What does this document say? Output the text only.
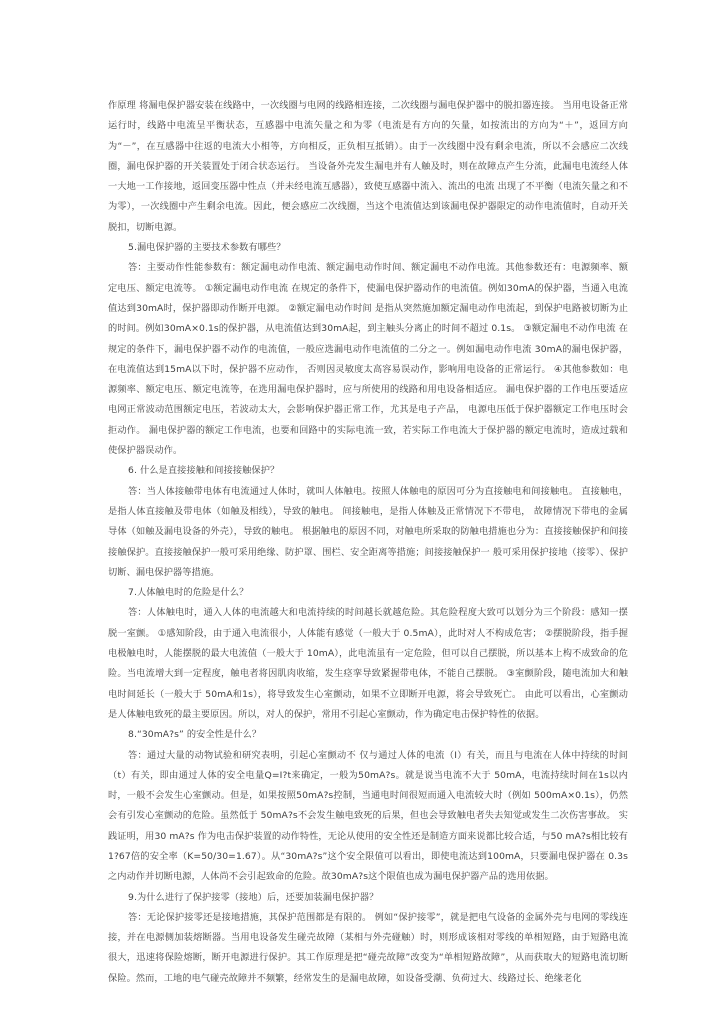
作原理 将漏电保护器安装在线路中，一次线圈与电网的线路相连接，二次线圈与漏电保护器中的脱扣器连接。 当用电设备正常运行时，线路中电流呈平衡状态，互感器中电流矢量之和为零（电流是有方向的矢量，如按流出的方向为“＋”，返回方向为“－”，在互感器中往返的电流大小相等，方向相反，正负相互抵销）。由于一次线圈中没有剩余电流，所以不会感应二次线圈，漏电保护器的开关装置处于闭合状态运行。 当设备外壳发生漏电并有人触及时，则在故障点产生分流，此漏电电流经人体一大地一工作接地，返回变压器中性点（并未经电流互感器），致使互感器中流入、流出的电流 出现了不平衡（电流矢量之和不为零），一次线圈中产生剩余电流。因此，便会感应二次线圈，当这个电流值达到该漏电保护器限定的动作电流值时，自动开关脱扣，切断电源。

5.漏电保护器的主要技术参数有哪些？

答：主要动作性能参数有：额定漏电动作电流、额定漏电动作时间、额定漏电不动作电流。其他参数还有：电源频率、额定电压、额定电流等。 ①额定漏电动作电流 在规定的条件下，使漏电保护器动作的电流值。例如30mA的保护器，当通入电流值达到30mA时，保护器即动作断开电源。 ②额定漏电动作时间 是指从突然施加额定漏电动作电流起，到保护电路被切断为止的时间。例如30mA×0.1s的保护器，从电流值达到30mA起，到主触头分离止的时间不超过 0.1s。 ③额定漏电不动作电流 在规定的条件下，漏电保护器不动作的电流值，一般应选漏电动作电流值的二分之一。例如漏电动作电流 30mA的漏电保护器，在电流值达到15mA以下时，保护器不应动作， 否则因灵敏度太高容易误动作，影响用电设备的正常运行。 ④其他参数如：电源频率、额定电压、额定电流等，在选用漏电保护器时，应与所使用的线路和用电设备相适应。 漏电保护器的工作电压要适应电网正常波动范围额定电压，若波动太大，会影响保护器正常工作，尤其是电子产品， 电源电压低于保护器额定工作电压时会拒动作。 漏电保护器的额定工作电流，也要和回路中的实际电流一致，若实际工作电流大于保护器的额定电流时，造成过载和使保护器误动作。

6. 什么是直接接触和间接接触保护？

答：当人体接触带电体有电流通过人体时，就叫人体触电。按照人体触电的原因可分为直接触电和间接触电。 直接触电，是指人体直接触及带电体（如触及相线），导致的触电。 间接触电，是指人体触及正常情况下不带电， 故障情况下带电的金属导体（如触及漏电设备的外壳），导致的触电。 根据触电的原因不同，对触电所采取的防触电措施也分为：直接接触保护和间接接触保护。直接接触保护一般可采用绝缘、防护罩、围栏、安全距离等措施；间接接触保护一 般可采用保护接地（接零）、保护切断、漏电保护器等措施。

7.人体触电时的危险是什么？

答：人体触电时，通入人体的电流越大和电流持续的时间越长就越危险。其危险程度大致可以划分为三个阶段：感知一摆脱一室颤。 ①感知阶段，由于通入电流很小，人体能有感觉（一般大于 0.5mA），此时对人不构成危害； ②摆脱阶段，指手握电极触电时，人能摆脱的最大电流值（一般大于 10mA），此电流虽有一定危险，但可以自己摆脱，所以基本上构不成致命的危险。当电流增大到一定程度，触电者将因肌肉收缩，发生痉挛导致紧握带电体，不能自己摆脱。 ③室颤阶段，随电流加大和触电时间延长（一般大于 50mA和1s），将导致发生心室颤动，如果不立即断开电源，将会导致死亡。 由此可以看出，心室颤动是人体触电致死的最主要原因。所以，对人的保护，常用不引起心室颤动，作为确定电击保护特性的依据。

8.“30mA?s” 的安全性是什么？

答：通过大量的动物试验和研究表明，引起心室颤动不 仅与通过人体的电流（I）有关，而且与电流在人体中持续的时间（t）有关，即由通过人体的安全电量Q=I?t来确定，一般为50mA?s。就是说当电流不大于 50mA，电流持续时间在1s以内时，一般不会发生心室颤动。但是，如果按照50mA?s控制，当通电时间很短而通入电流较大时（例如 500mA×0.1s），仍然会有引发心室颤动的危险。虽然低于 50mA?s不会发生触电致死的后果，但也会导致触电者失去知觉或发生二次伤害事故。 实践证明，用30 mA?s 作为电击保护装置的动作特性，无论从使用的安全性还是制造方面来说都比较合适，与50 mA?s相比较有1?67倍的安全率（K=50/30=1.67）。从“30mA?s”这个安全限值可以看出，即使电流达到100mA，只要漏电保护器在 0.3s之内动作并切断电源，人体尚不会引起致命的危险。故30mA?s这个限值也成为漏电保护器产品的选用依据。

9.为什么进行了保护接零（接地）后，还要加装漏电保护器？

答：无论保护接零还是接地措施，其保护范围都是有限的。 例如“保护接零”，就是把电气设备的金属外壳与电网的零线连接，并在电源侧加装熔断器。当用电设备发生碰壳故障（某相与外壳碰触）时，则形成该相对零线的单相短路，由于短路电流很大，迅速将保险熔断，断开电源进行保护。其工作原理是把“碰壳故障”改变为“单相短路故障”，从而获取大的短路电流切断保险。然而，工地的电气碰壳故障并不频繁，经常发生的是漏电故障，如设备受潮、负荷过大、线路过长、绝缘老化
